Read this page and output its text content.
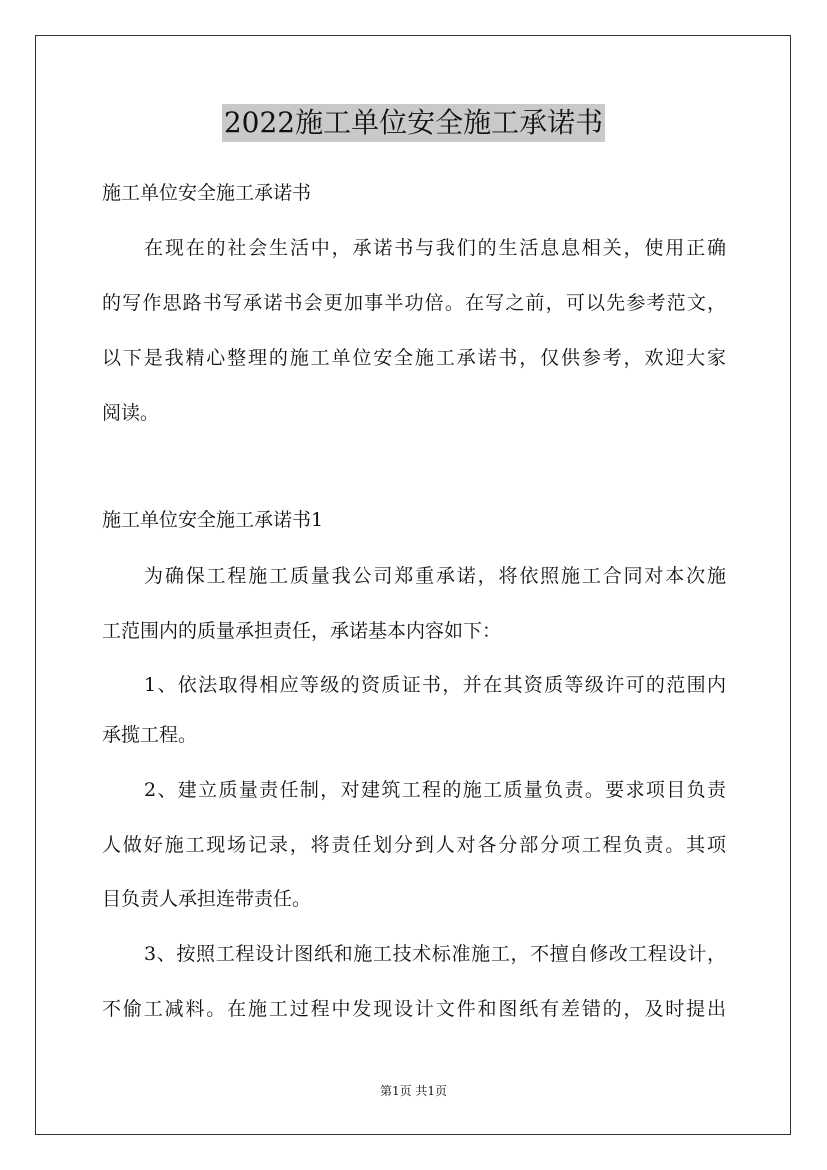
2022施工单位安全施工承诺书
施工单位安全施工承诺书
在现在的社会生活中，承诺书与我们的生活息息相关，使用正确
的写作思路书写承诺书会更加事半功倍。在写之前，可以先参考范文，
以下是我精心整理的施工单位安全施工承诺书，仅供参考，欢迎大家
阅读。
施工单位安全施工承诺书1
为确保工程施工质量我公司郑重承诺，将依照施工合同对本次施
工范围内的质量承担责任，承诺基本内容如下：
1、依法取得相应等级的资质证书，并在其资质等级许可的范围内
承揽工程。
2、建立质量责任制，对建筑工程的施工质量负责。要求项目负责
人做好施工现场记录，将责任划分到人对各分部分项工程负责。其项
目负责人承担连带责任。
3、按照工程设计图纸和施工技术标准施工，不擅自修改工程设计，
不偷工减料。在施工过程中发现设计文件和图纸有差错的，及时提出
第1页 共1页
